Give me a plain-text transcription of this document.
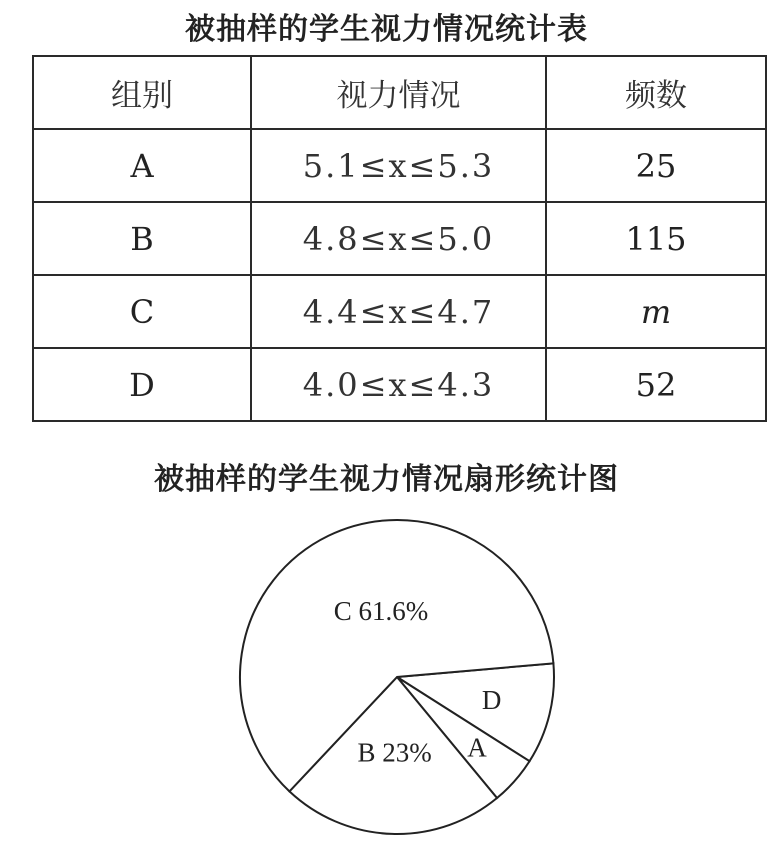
被抽样的学生视力情况统计表
组别	视力情况	频数
A	5.1≤x≤5.3	25
B	4.8≤x≤5.0	115
C	4.4≤x≤4.7	m
D	4.0≤x≤4.3	52
被抽样的学生视力情况扇形统计图
D
A
B 23%
C 61.6%
